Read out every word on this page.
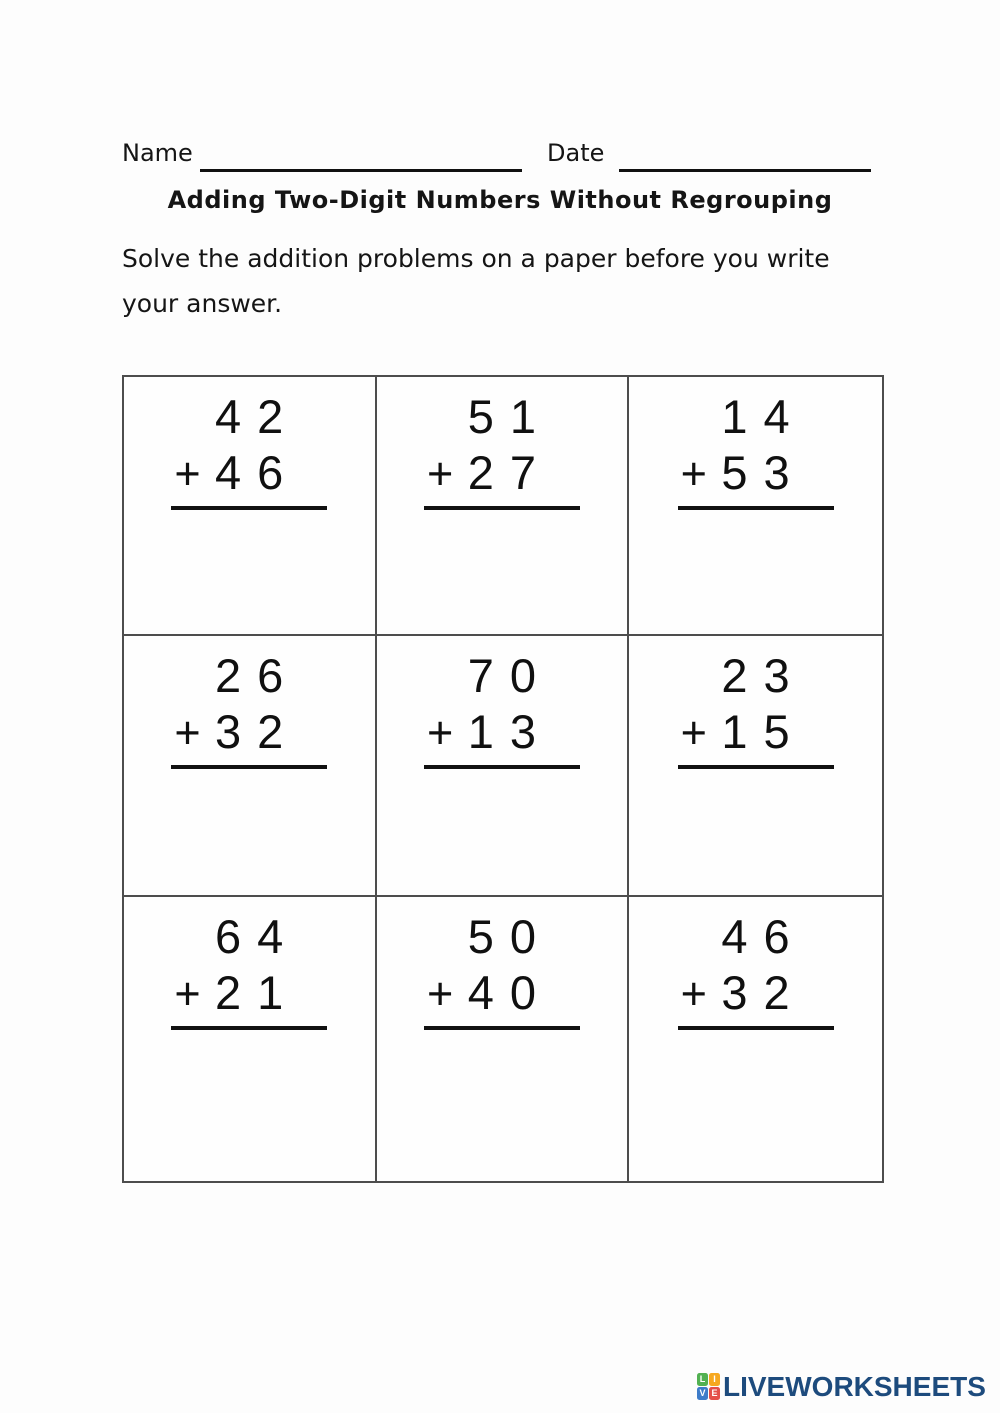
Name	Date
Adding Two-Digit Numbers Without Regrouping
Solve the addition problems on a paper before you write
your answer.
42
+ 46
51
+ 27
14
+ 53
26
+ 32
70
+ 13
23
+ 15
64
+ 21
50
+ 40
46
+ 32
L I
V E LIVEWORKSHEETS
